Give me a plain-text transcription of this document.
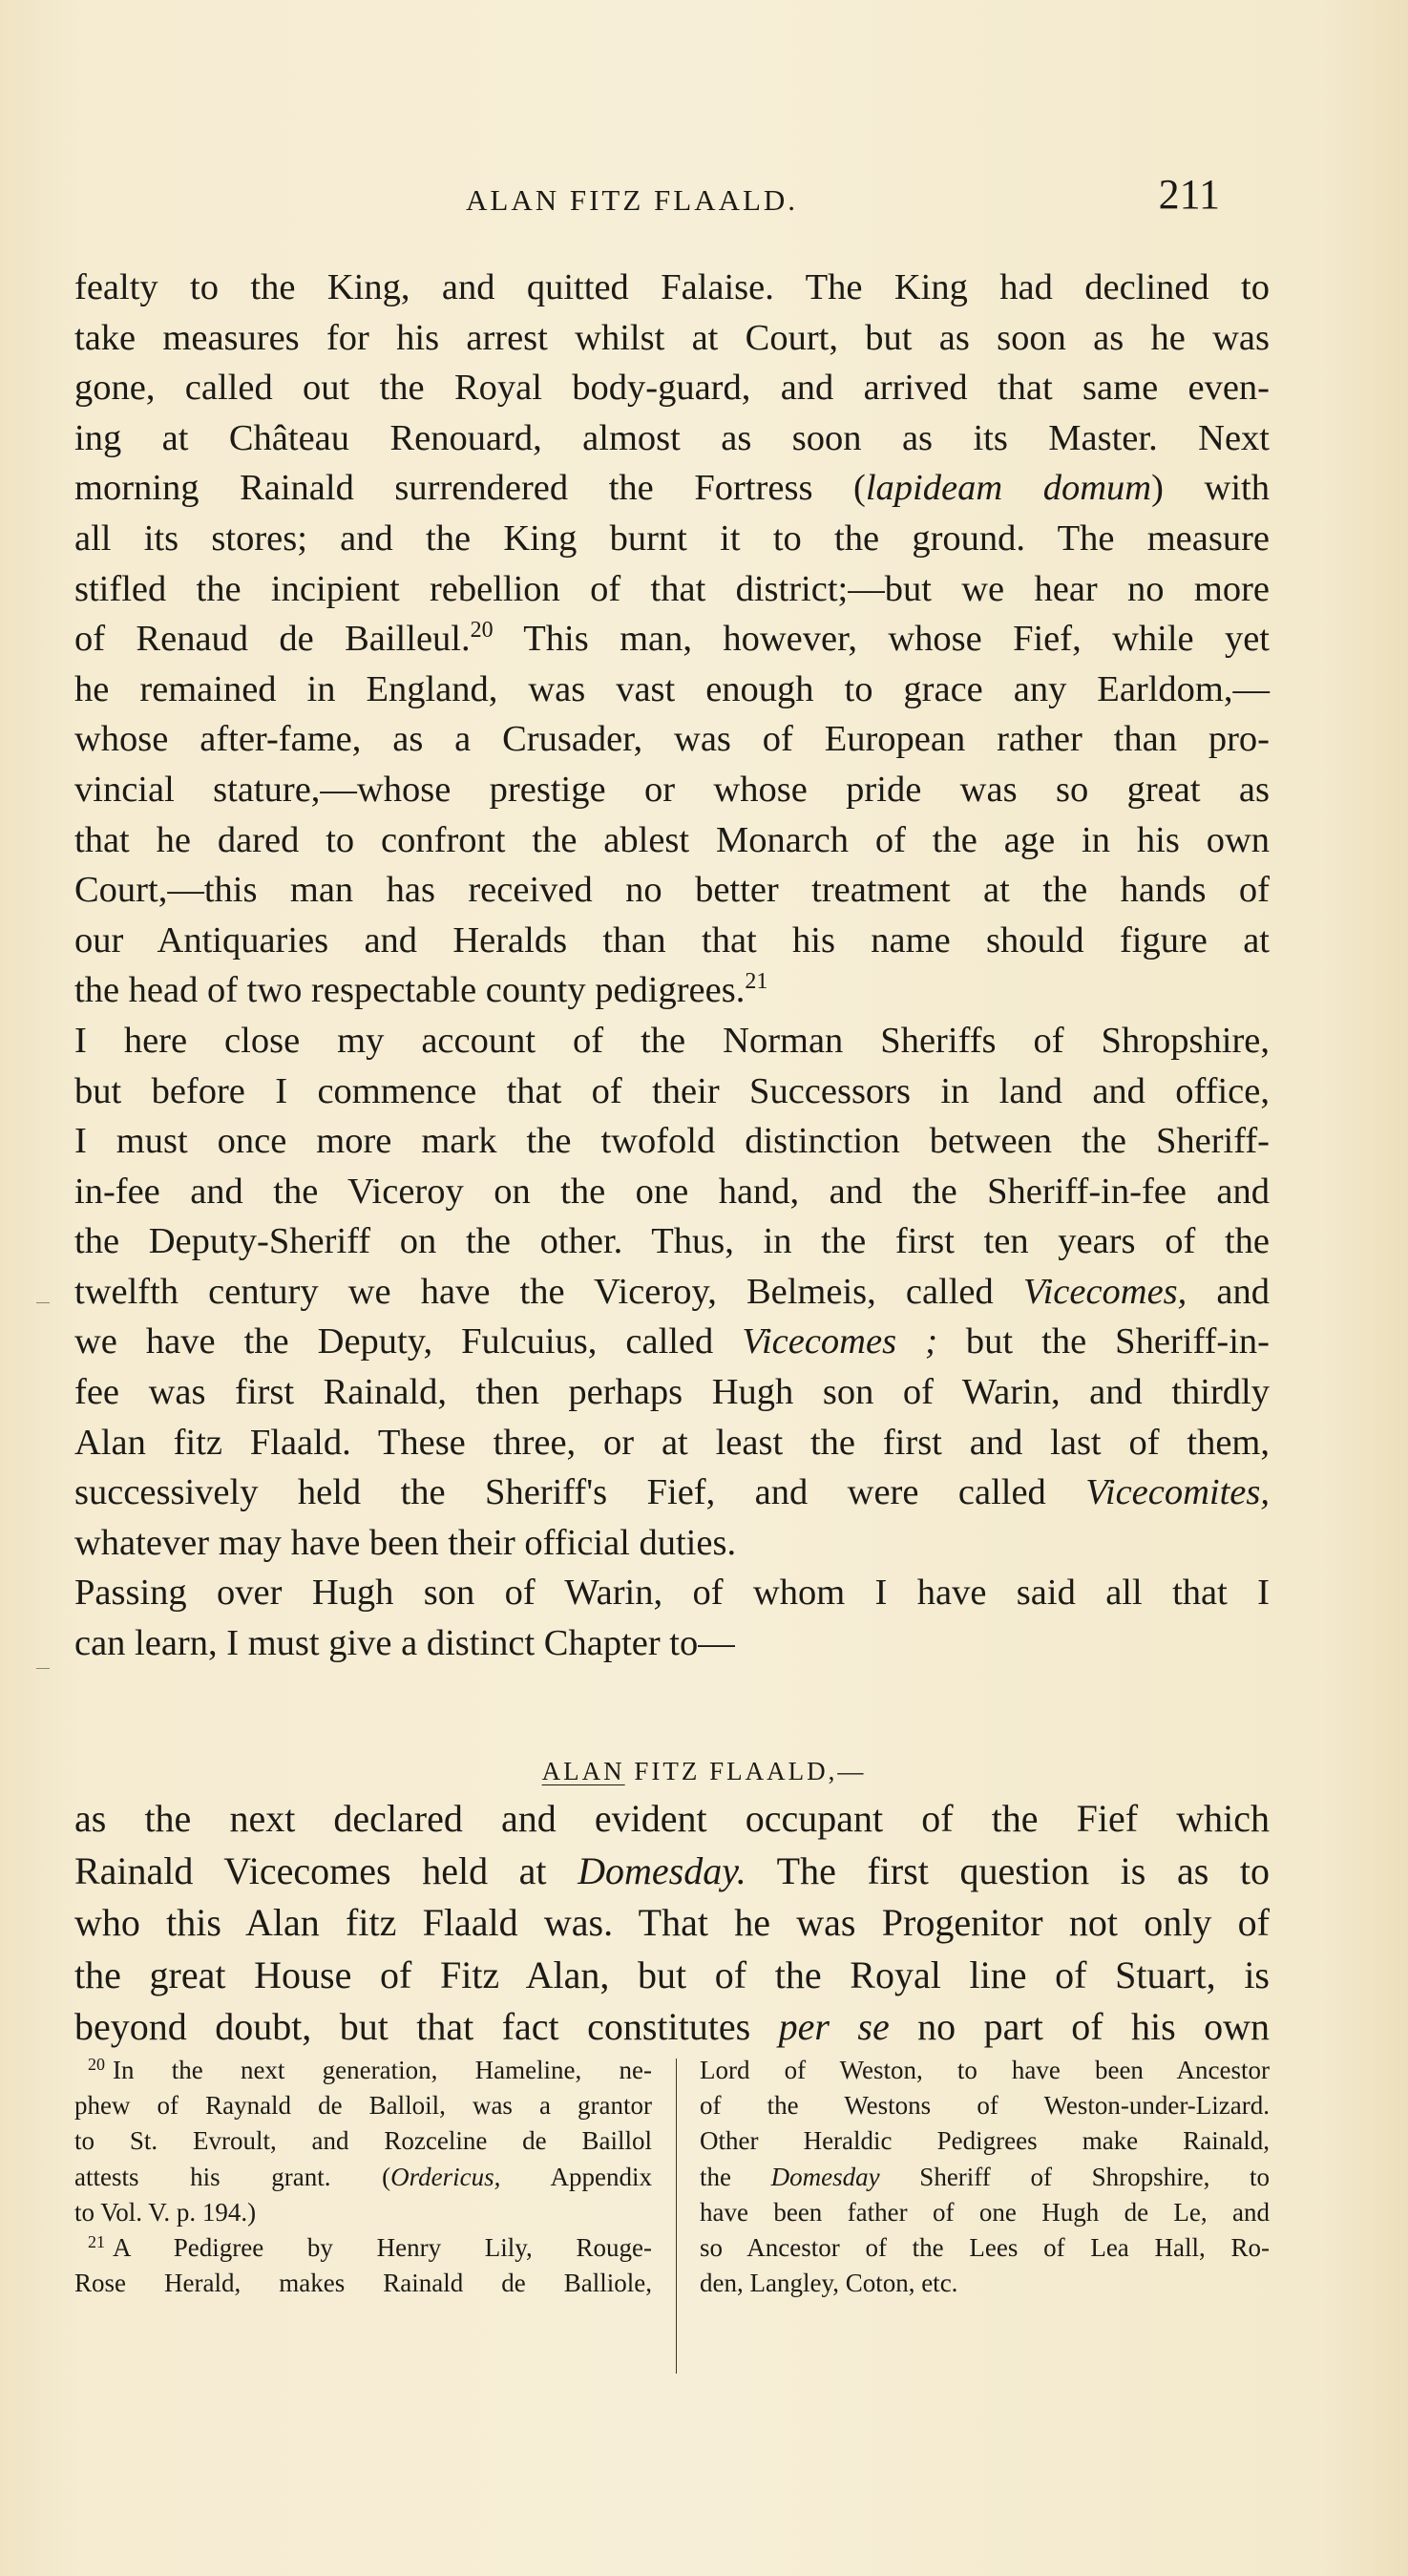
ALAN FITZ FLAALD.	211
fealty to the King, and quitted Falaise. The King had declined to
take measures for his arrest whilst at Court, but as soon as he was
gone, called out the Royal body-guard, and arrived that same even-
ing at Château Renouard, almost as soon as its Master. Next
morning Rainald surrendered the Fortress (lapideam domum) with
all its stores; and the King burnt it to the ground. The measure
stifled the incipient rebellion of that district;—but we hear no more
of Renaud de Bailleul.$^{20}$ This man, however, whose Fief, while yet
he remained in England, was vast enough to grace any Earldom,—
whose after-fame, as a Crusader, was of European rather than pro-
vincial stature,—whose prestige or whose pride was so great as
that he dared to confront the ablest Monarch of the age in his own
Court,—this man has received no better treatment at the hands of
our Antiquaries and Heralds than that his name should figure at
the head of two respectable county pedigrees.$^{21}$
I here close my account of the Norman Sheriffs of Shropshire,
but before I commence that of their Successors in land and office,
I must once more mark the twofold distinction between the Sheriff-
in-fee and the Viceroy on the one hand, and the Sheriff-in-fee and
the Deputy-Sheriff on the other. Thus, in the first ten years of the
twelfth century we have the Viceroy, Belmeis, called Vicecomes, and
we have the Deputy, Fulcuius, called Vicecomes ; but the Sheriff-in-
fee was first Rainald, then perhaps Hugh son of Warin, and thirdly
Alan fitz Flaald. These three, or at least the first and last of them,
successively held the Sheriff's Fief, and were called Vicecomites,
whatever may have been their official duties.
Passing over Hugh son of Warin, of whom I have said all that I
can learn, I must give a distinct Chapter to—
ALAN FITZ FLAALD,—
as the next declared and evident occupant of the Fief which
Rainald Vicecomes held at Domesday. The first question is as to
who this Alan fitz Flaald was. That he was Progenitor not only of
the great House of Fitz Alan, but of the Royal line of Stuart, is
beyond doubt, but that fact constitutes per se no part of his own
$^{20}$ In the next generation, Hameline, ne-
phew of Raynald de Balloil, was a grantor
to St. Evroult, and Rozceline de Baillol
attests his grant. (Ordericus, Appendix
to Vol. V. p. 194.)
$^{21}$ A Pedigree by Henry Lily, Rouge-
Rose Herald, makes Rainald de Balliole,
Lord of Weston, to have been Ancestor
of the Westons of Weston-under-Lizard.
Other Heraldic Pedigrees make Rainald,
the Domesday Sheriff of Shropshire, to
have been father of one Hugh de Le, and
so Ancestor of the Lees of Lea Hall, Ro-
den, Langley, Coton, etc.
